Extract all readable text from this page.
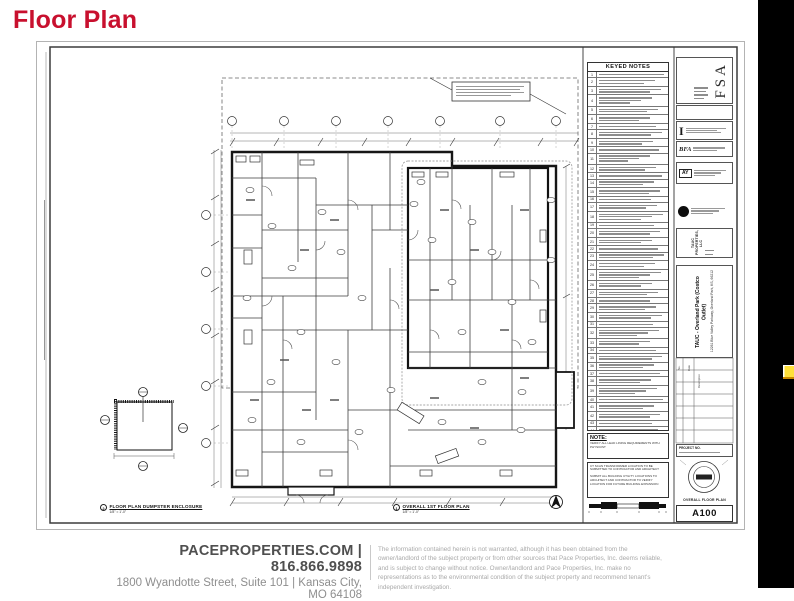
Floor Plan
KEYED NOTES
1
2
3
4
5
6
7
8
9
10
11
12
13
14
15
16
17
18
19
20
21
22
23
24
25
26
27
28
29
30
31
32
33
34
35
36
37
38
39
40
41
42
43
44
NOTE:
VERIFY ALL LEAD LINING REQUIREMENTS WITH PHYSICIST

CT SCAN TRANSFORMER LOCATION TO BE SUBMITTED TO CONTRACTOR AND ARCHITECT

SUBMIT ALL BUILDING UTILITY LOCATIONS TO ARCHITECT AND CONTRACTOR TO VERIFY LOCATION FOR FUTURE BUILDING EXPANSION

FSA
I
BFA
AY
TAUC PROPERTIES, LLC
TAUC - Overland Park (Costco Outlet) 12261 Blue Valley Parkway, Overland Park, KS, 66212
No. Date
Description
PROJECT NO.
OVERALL FLOOR PLAN
A100
2	FLOOR PLAN DUMPSTER ENCLOSURE
1/8" = 1'-0"
1	OVERALL 1ST FLOOR PLAN
1/8" = 1'-0"
PACEPROPERTIES.COM | 816.866.9898
1800 Wyandotte Street, Suite 101 | Kansas City, MO 64108
The information contained herein is not warranted, although it has been obtained from the owner/landlord of the subject property or from other sources that Pace Properties, Inc. deems reliable, and is subject to change without notice. Owner/landlord and Pace Properties, Inc. make no representations as to the environmental condition of the subject property and recommend tenant's independent investigation.
